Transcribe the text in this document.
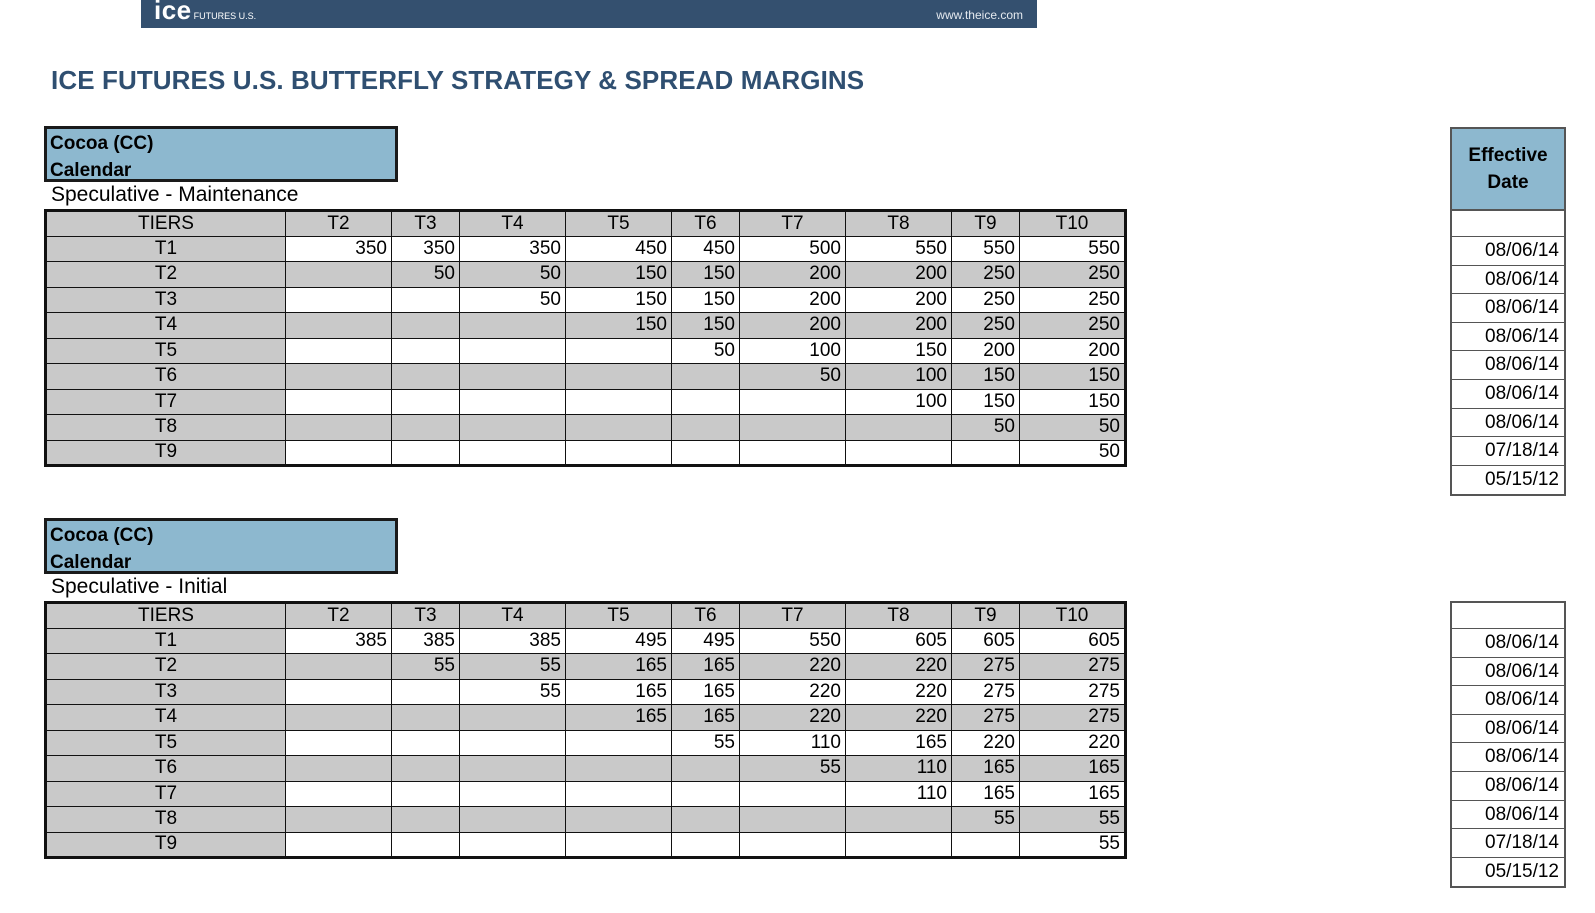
ice FUTURES U.S.	www.theice.com
ICE FUTURES U.S. BUTTERFLY STRATEGY & SPREAD MARGINS
Effective
Date
Cocoa (CC)
Calendar
Speculative - Maintenance
TIERS	T2	T3	T4	T5	T6	T7	T8	T9	T10
T1	350	350	350	450	450	500	550	550	550
T2		50	50	150	150	200	200	250	250
T3			50	150	150	200	200	250	250
T4				150	150	200	200	250	250
T5					50	100	150	200	200
T6						50	100	150	150
T7							100	150	150
T8								50	50
T9									50
08/06/14
08/06/14
08/06/14
08/06/14
08/06/14
08/06/14
08/06/14
07/18/14
05/15/12
Cocoa (CC)
Calendar
Speculative - Initial
TIERS	T2	T3	T4	T5	T6	T7	T8	T9	T10
T1	385	385	385	495	495	550	605	605	605
T2		55	55	165	165	220	220	275	275
T3			55	165	165	220	220	275	275
T4				165	165	220	220	275	275
T5					55	110	165	220	220
T6						55	110	165	165
T7							110	165	165
T8								55	55
T9									55
08/06/14
08/06/14
08/06/14
08/06/14
08/06/14
08/06/14
08/06/14
07/18/14
05/15/12
